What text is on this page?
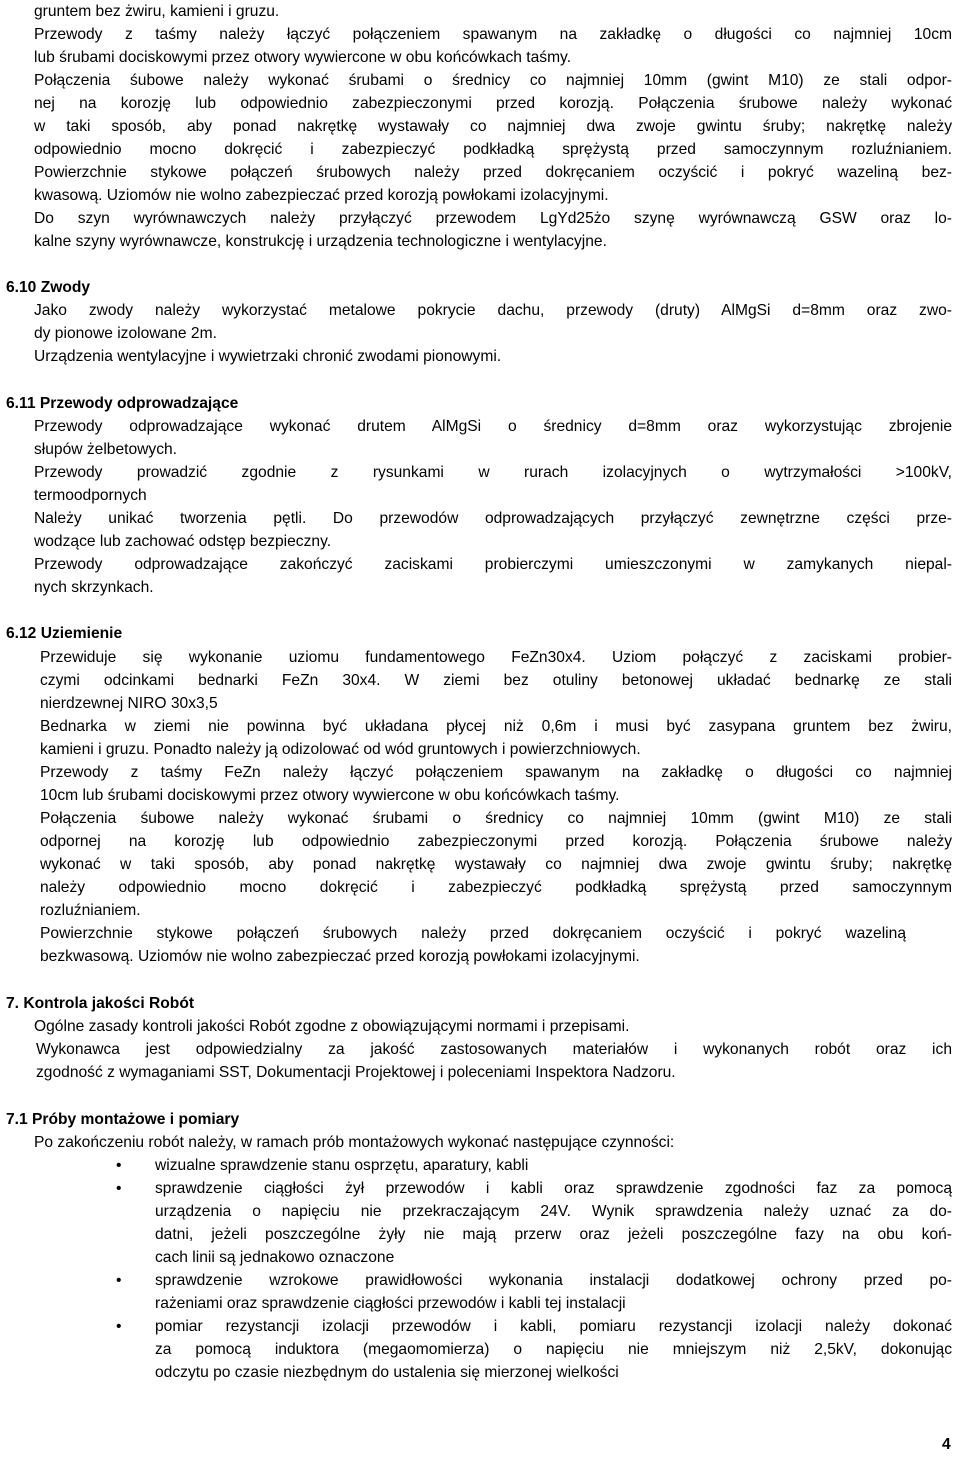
gruntem bez żwiru, kamieni i gruzu.
Przewody z taśmy należy łączyć połączeniem spawanym na zakładkę o długości co najmniej 10cm
lub śrubami dociskowymi przez otwory wywiercone w obu końcówkach taśmy.
Połączenia śubowe należy wykonać śrubami o średnicy co najmniej 10mm (gwint M10) ze stali odpor-
nej na korozję lub odpowiednio zabezpieczonymi przed korozją. Połączenia śrubowe należy wykonać
w taki sposób, aby ponad nakrętkę wystawały co najmniej dwa zwoje gwintu śruby; nakrętkę należy
odpowiednio mocno dokręcić i zabezpieczyć podkładką sprężystą przed samoczynnym rozluźnianiem.
Powierzchnie stykowe połączeń śrubowych należy przed dokręcaniem oczyścić i pokryć wazeliną bez-
kwasową. Uziomów nie wolno zabezpieczać przed korozją powłokami izolacyjnymi.
Do szyn wyrównawczych należy przyłączyć przewodem LgYd25żo szynę wyrównawczą GSW oraz lo-
kalne szyny wyrównawcze, konstrukcję i urządzenia technologiczne i wentylacyjne.
6.10 Zwody
Jako zwody należy wykorzystać metalowe pokrycie dachu, przewody (druty) AlMgSi d=8mm oraz zwo-
dy pionowe izolowane 2m.
Urządzenia wentylacyjne i wywietrzaki chronić zwodami pionowymi.
6.11 Przewody odprowadzające
Przewody odprowadzające wykonać drutem AlMgSi o średnicy d=8mm oraz wykorzystując zbrojenie
słupów żelbetowych.
Przewody prowadzić zgodnie z rysunkami w rurach izolacyjnych o wytrzymałości >100kV,
termoodpornych
Należy unikać tworzenia pętli. Do przewodów odprowadzających przyłączyć zewnętrzne części prze-
wodzące lub zachować odstęp bezpieczny.
Przewody odprowadzające zakończyć zaciskami probierczymi umieszczonymi w zamykanych niepal-
nych skrzynkach.
6.12 Uziemienie
Przewiduje się wykonanie uziomu fundamentowego FeZn30x4. Uziom połączyć z zaciskami probier-
czymi odcinkami bednarki FeZn 30x4. W ziemi bez otuliny betonowej układać bednarkę ze stali
nierdzewnej NIRO 30x3,5
Bednarka w ziemi nie powinna być układana płycej niż 0,6m i musi być zasypana gruntem bez żwiru,
kamieni i gruzu. Ponadto należy ją odizolować od wód gruntowych i powierzchniowych.
Przewody z taśmy FeZn należy łączyć połączeniem spawanym na zakładkę o długości co najmniej
10cm lub śrubami dociskowymi przez otwory wywiercone w obu końcówkach taśmy.
Połączenia śubowe należy wykonać śrubami o średnicy co najmniej 10mm (gwint M10) ze stali
odpornej na korozję lub odpowiednio zabezpieczonymi przed korozją. Połączenia śrubowe należy
wykonać w taki sposób, aby ponad nakrętkę wystawały co najmniej dwa zwoje gwintu śruby; nakrętkę
należy odpowiednio mocno dokręcić i zabezpieczyć podkładką sprężystą przed samoczynnym
rozluźnianiem.
Powierzchnie stykowe połączeń śrubowych należy przed dokręcaniem oczyścić i pokryć wazeliną
bezkwasową. Uziomów nie wolno zabezpieczać przed korozją powłokami izolacyjnymi.
7. Kontrola jakości Robót
Ogólne zasady kontroli jakości Robót zgodne z obowiązującymi normami i przepisami.
Wykonawca jest odpowiedzialny za jakość zastosowanych materiałów i wykonanych robót oraz ich
zgodność z wymaganiami SST, Dokumentacji Projektowej i poleceniami Inspektora Nadzoru.
7.1 Próby montażowe i pomiary
Po zakończeniu robót należy, w ramach prób montażowych wykonać następujące czynności:
• wizualne sprawdzenie stanu osprzętu, aparatury, kabli
• sprawdzenie ciągłości żył przewodów i kabli oraz sprawdzenie zgodności faz za pomocą
urządzenia o napięciu nie przekraczającym 24V. Wynik sprawdzenia należy uznać za do-
datni, jeżeli poszczególne żyły nie mają przerw oraz jeżeli poszczególne fazy na obu koń-
cach linii są jednakowo oznaczone
• sprawdzenie wzrokowe prawidłowości wykonania instalacji dodatkowej ochrony przed po-
rażeniami oraz sprawdzenie ciągłości przewodów i kabli tej instalacji
• pomiar rezystancji izolacji przewodów i kabli, pomiaru rezystancji izolacji należy dokonać
za pomocą induktora (megaomomierza) o napięciu nie mniejszym niż 2,5kV, dokonując
odczytu po czasie niezbędnym do ustalenia się mierzonej wielkości
4
